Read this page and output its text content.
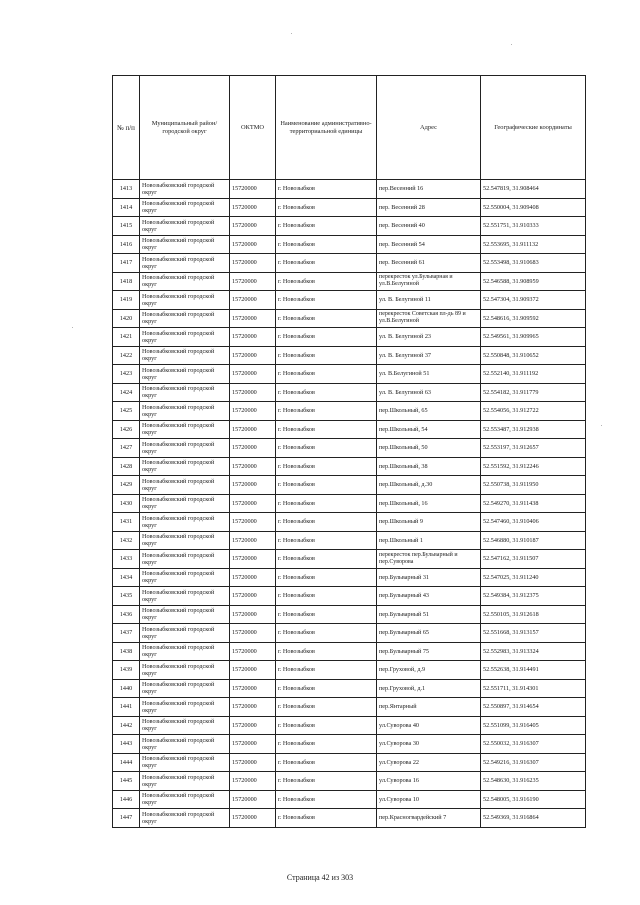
№ п/п	Муниципальный район/городской округ	ОКТМО	Наименование административно-территориальной единицы	Адрес	Географические координаты
1413	Новозыбковский городской округ	15720000	г. Новозыбков	пер.Весенний 16	52.547819, 31.908464
1414	Новозыбковский городской округ	15720000	г. Новозыбков	пер. Весенний 28	52.550004, 31.909408
1415	Новозыбковский городской округ	15720000	г. Новозыбков	пер. Весенний 40	52.551751, 31.910333
1416	Новозыбковский городской округ	15720000	г. Новозыбков	пер. Весенний 54	52.553695, 31.911132
1417	Новозыбковский городской округ	15720000	г. Новозыбков	пер. Весенний 61	52.553498, 31.910683
1418	Новозыбковский городской округ	15720000	г. Новозыбков	перекресток ул.Бульварная и ул.В.Белугиной	52.546588, 31.908959
1419	Новозыбковский городской округ	15720000	г. Новозыбков	ул. В. Белугиной 11	52.547304, 31.909372
1420	Новозыбковский городской округ	15720000	г. Новозыбков	перекресток Советская пл-дь 89 и ул.В.Белугиной	52.548616, 31.909592
1421	Новозыбковский городской округ	15720000	г. Новозыбков	ул. В. Белугиной 23	52.549561, 31.909965
1422	Новозыбковский городской округ	15720000	г. Новозыбков	ул. В. Белугиной 37	52.550848, 31.910652
1423	Новозыбковский городской округ	15720000	г. Новозыбков	ул. В.Белугиной 51	52.552140, 31.911192
1424	Новозыбковский городской округ	15720000	г. Новозыбков	ул. В. Белугиной 63	52.554182, 31.911779
1425	Новозыбковский городской округ	15720000	г. Новозыбков	пер.Школьный, 65	52.554056, 31.912722
1426	Новозыбковский городской округ	15720000	г. Новозыбков	пер.Школьный, 54	52.553487, 31.912938
1427	Новозыбковский городской округ	15720000	г. Новозыбков	пер.Школьный, 50	52.553197, 31.912657
1428	Новозыбковский городской округ	15720000	г. Новозыбков	пер.Школьный, 38	52.551592, 31.912246
1429	Новозыбковский городской округ	15720000	г. Новозыбков	пер.Школьный, д.30	52.550738, 31.911950
1430	Новозыбковский городской округ	15720000	г. Новозыбков	пер.Школьный, 16	52.549270, 31.911438
1431	Новозыбковский городской округ	15720000	г. Новозыбков	пер.Школьный 9	52.547460, 31.910406
1432	Новозыбковский городской округ	15720000	г. Новозыбков	пер.Школьный 1	52.546880, 31.910187
1433	Новозыбковский городской округ	15720000	г. Новозыбков	перекресток пер.Бульварный и пер.Суворова	52.547162, 31.911507
1434	Новозыбковский городской округ	15720000	г. Новозыбков	пер.Бульварный 31	52.547025, 31.911240
1435	Новозыбковский городской округ	15720000	г. Новозыбков	пер.Бульварный 43	52.549384, 31.912375
1436	Новозыбковский городской округ	15720000	г. Новозыбков	пер.Бульварный 51	52.550105, 31.912618
1437	Новозыбковский городской округ	15720000	г. Новозыбков	пер.Бульварный 65	52.551668, 31.913157
1438	Новозыбковский городской округ	15720000	г. Новозыбков	пер.Бульварный 75	52.552983, 31.913324
1439	Новозыбковский городской округ	15720000	г. Новозыбков	пер.Груховой, д.9	52.552638, 31.914491
1440	Новозыбковский городской округ	15720000	г. Новозыбков	пер.Груховой, д.1	52.551711, 31.914301
1441	Новозыбковский городской округ	15720000	г. Новозыбков	пер.Янтарный	52.550897, 31.914654
1442	Новозыбковский городской округ	15720000	г. Новозыбков	ул.Суворова 40	52.551099, 31.916405
1443	Новозыбковский городской округ	15720000	г. Новозыбков	ул.Суворова 30	52.550032, 31.916307
1444	Новозыбковский городской округ	15720000	г. Новозыбков	ул.Суворова 22	52.549216, 31.916307
1445	Новозыбковский городской округ	15720000	г. Новозыбков	ул.Суворова 16	52.548630, 31.916235
1446	Новозыбковский городской округ	15720000	г. Новозыбков	ул.Суворова 10	52.548005, 31.916190
1447	Новозыбковский городской округ	15720000	г. Новозыбков	пер.Красногвардейский 7	52.549369, 31.916864
Страница 42 из 303
